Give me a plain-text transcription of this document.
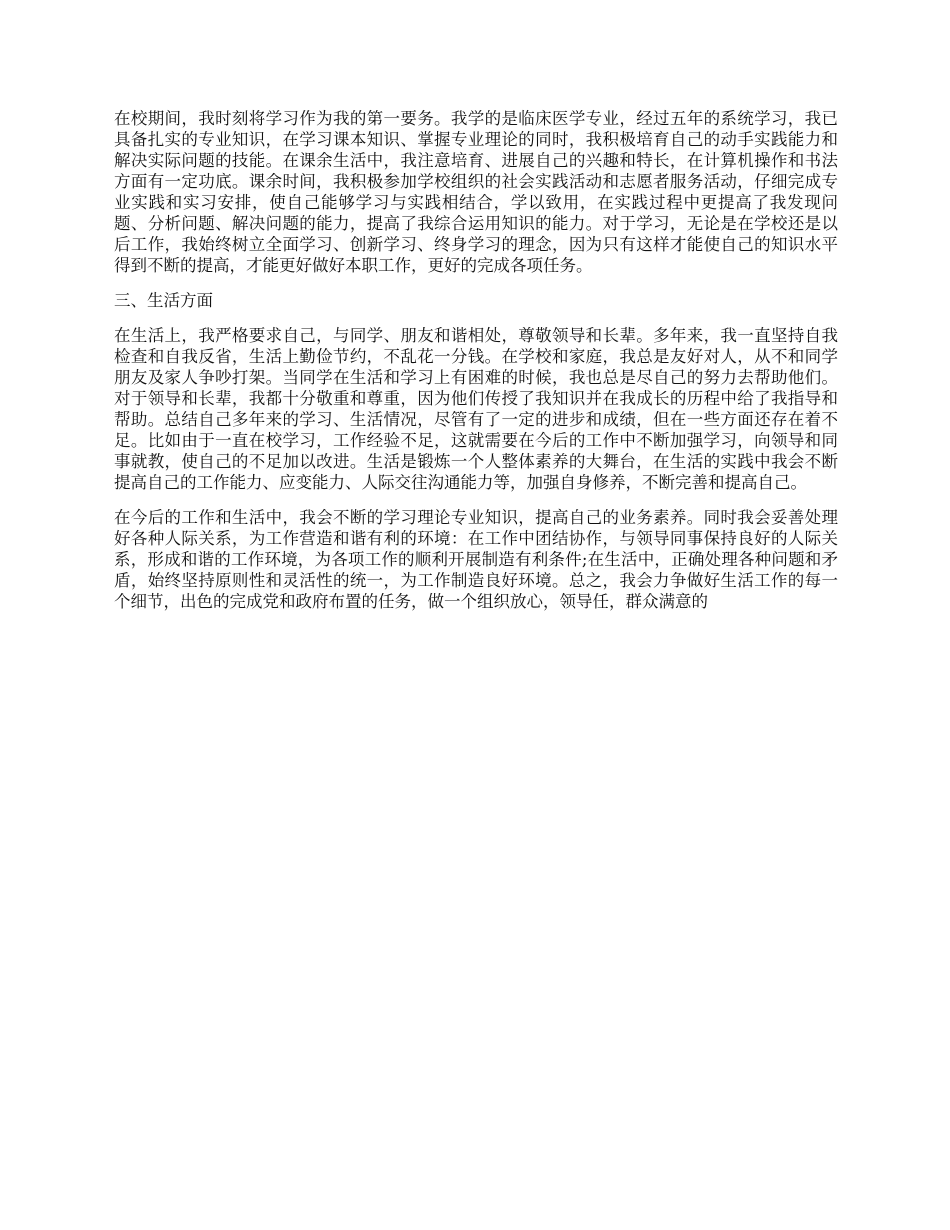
在校期间，我时刻将学习作为我的第一要务。我学的是临床医学专业，经过五年的系统学习，我已具备扎实的专业知识，在学习课本知识、掌握专业理论的同时，我积极培育自己的动手实践能力和解决实际问题的技能。在课余生活中，我注意培育、进展自己的兴趣和特长，在计算机操作和书法方面有一定功底。课余时间，我积极参加学校组织的社会实践活动和志愿者服务活动，仔细完成专业实践和实习安排，使自己能够学习与实践相结合，学以致用，在实践过程中更提高了我发现问题、分析问题、解决问题的能力，提高了我综合运用知识的能力。对于学习，无论是在学校还是以后工作，我始终树立全面学习、创新学习、终身学习的理念，因为只有这样才能使自己的知识水平得到不断的提高，才能更好做好本职工作，更好的完成各项任务。

三、生活方面

在生活上，我严格要求自己，与同学、朋友和谐相处，尊敬领导和长辈。多年来，我一直坚持自我检查和自我反省，生活上勤俭节约，不乱花一分钱。在学校和家庭，我总是友好对人，从不和同学朋友及家人争吵打架。当同学在生活和学习上有困难的时候，我也总是尽自己的努力去帮助他们。对于领导和长辈，我都十分敬重和尊重，因为他们传授了我知识并在我成长的历程中给了我指导和帮助。总结自己多年来的学习、生活情况，尽管有了一定的进步和成绩，但在一些方面还存在着不足。比如由于一直在校学习，工作经验不足，这就需要在今后的工作中不断加强学习，向领导和同事就教，使自己的不足加以改进。生活是锻炼一个人整体素养的大舞台，在生活的实践中我会不断提高自己的工作能力、应变能力、人际交往沟通能力等，加强自身修养，不断完善和提高自己。

在今后的工作和生活中，我会不断的学习理论专业知识，提高自己的业务素养。同时我会妥善处理好各种人际关系，为工作营造和谐有利的环境：在工作中团结协作，与领导同事保持良好的人际关系，形成和谐的工作环境，为各项工作的顺利开展制造有利条件;在生活中，正确处理各种问题和矛盾，始终坚持原则性和灵活性的统一，为工作制造良好环境。总之，我会力争做好生活工作的每一个细节，出色的完成党和政府布置的任务，做一个组织放心，领导任，群众满意的
